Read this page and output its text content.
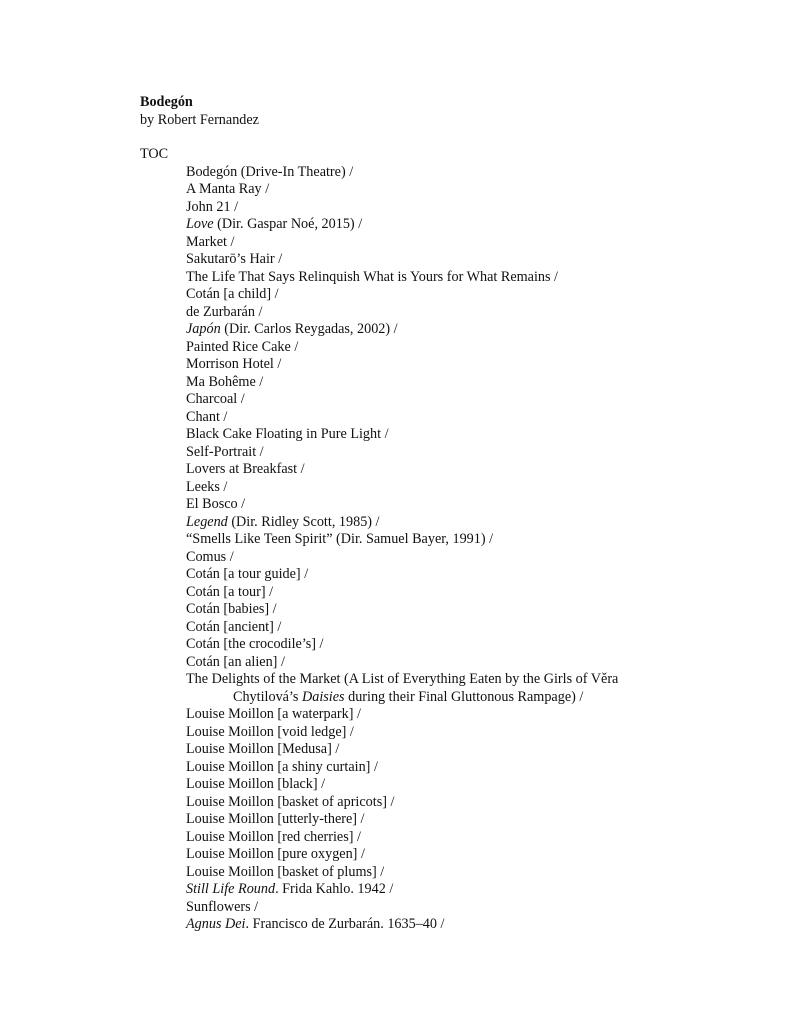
Bodegón
by Robert Fernandez
TOC
Bodegón (Drive-In Theatre) /
A Manta Ray /
John 21 /
Love (Dir. Gaspar Noé, 2015) /
Market /
Sakutarō’s Hair /
The Life That Says Relinquish What is Yours for What Remains /
Cotán [a child] /
de Zurbarán /
Japón (Dir. Carlos Reygadas, 2002) /
Painted Rice Cake /
Morrison Hotel /
Ma Bohême /
Charcoal /
Chant /
Black Cake Floating in Pure Light /
Self-Portrait /
Lovers at Breakfast /
Leeks /
El Bosco /
Legend (Dir. Ridley Scott, 1985) /
“Smells Like Teen Spirit” (Dir. Samuel Bayer, 1991) /
Comus /
Cotán [a tour guide] /
Cotán [a tour] /
Cotán [babies] /
Cotán [ancient] /
Cotán [the crocodile’s] /
Cotán [an alien] /
The Delights of the Market (A List of Everything Eaten by the Girls of Věra
Chytilová’s Daisies during their Final Gluttonous Rampage) /
Louise Moillon [a waterpark] /
Louise Moillon [void ledge] /
Louise Moillon [Medusa] /
Louise Moillon [a shiny curtain] /
Louise Moillon [black] /
Louise Moillon [basket of apricots] /
Louise Moillon [utterly-there] /
Louise Moillon [red cherries] /
Louise Moillon [pure oxygen] /
Louise Moillon [basket of plums] /
Still Life Round. Frida Kahlo. 1942 /
Sunflowers /
Agnus Dei. Francisco de Zurbarán. 1635–40 /
